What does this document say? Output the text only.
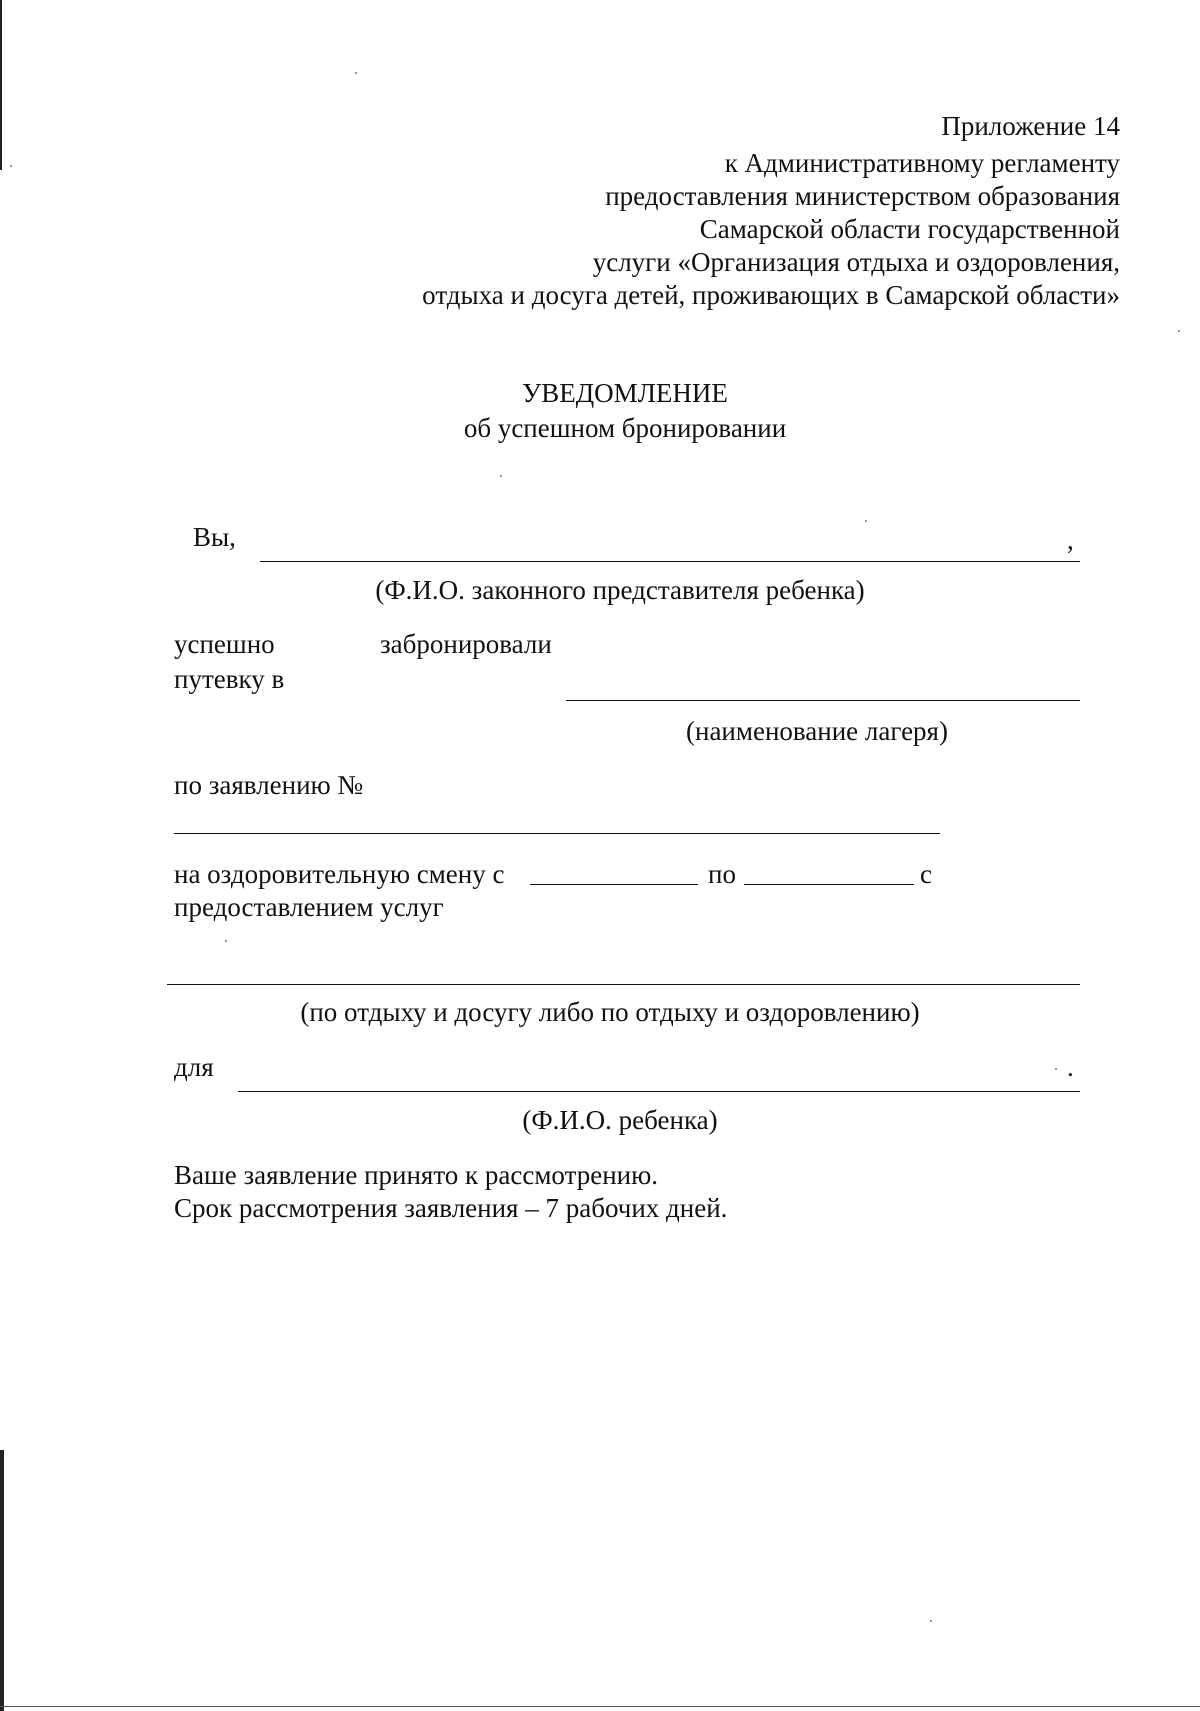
Приложение 14
к Административному регламенту
предоставления министерством образования
Самарской области государственной
услуги «Организация отдыха и оздоровления,
отдыха и досуга детей, проживающих в Самарской области»
УВЕДОМЛЕНИЕ
об успешном бронировании
Вы,	,
(Ф.И.О. законного представителя ребенка)
успешно	забронировали
путевку в
(наименование лагеря)
по заявлению №
на оздоровительную смену с	по	с
предоставлением услуг
(по отдыху и досугу либо по отдыху и оздоровлению)
для	.
(Ф.И.О. ребенка)
Ваше заявление принято к рассмотрению.
Срок рассмотрения заявления – 7 рабочих дней.
